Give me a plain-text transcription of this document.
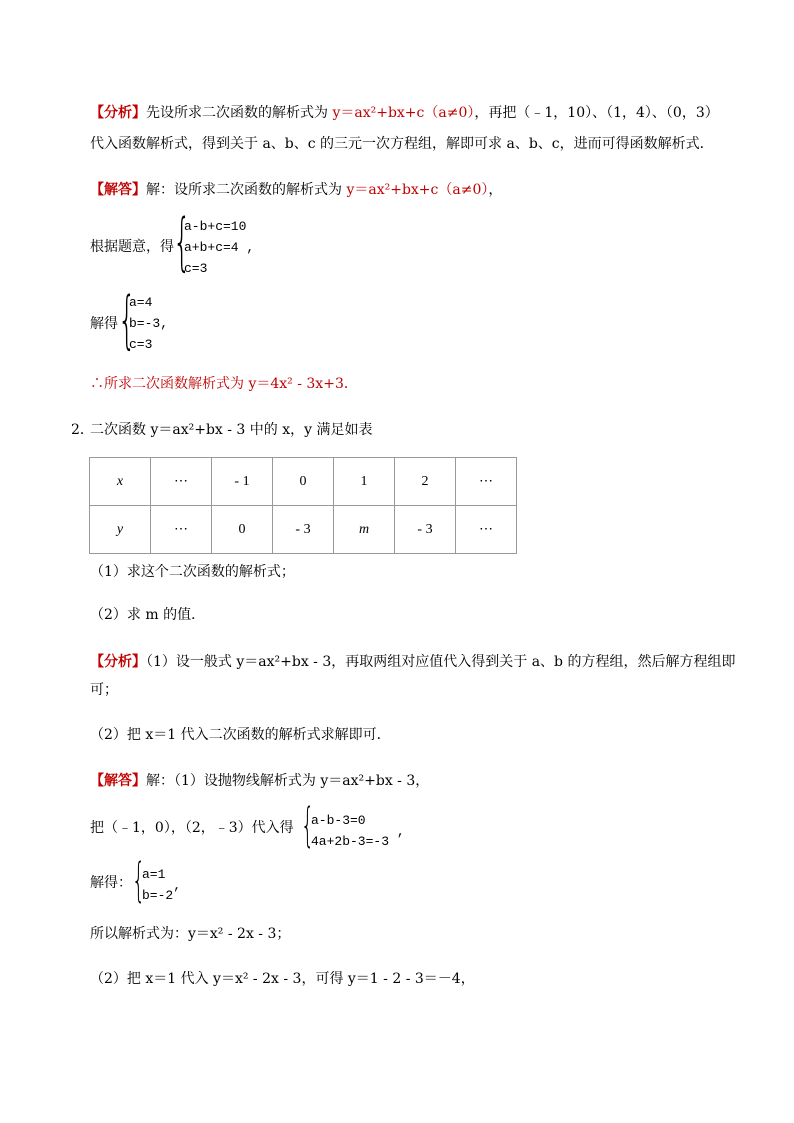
【分析】先设所求二次函数的解析式为 y＝ax²+bx+c（a≠0），再把（﹣1，10）、（1，4）、（0，3）
代入函数解析式，得到关于 a、b、c 的三元一次方程组，解即可求 a、b、c，进而可得函数解析式．
【解答】解：设所求二次函数的解析式为 y＝ax²+bx+c（a≠0），
根据题意，得 {
a-b+c=10
a+b+c=4 ,
c=3
解得 {
a=4
b=-3,
c=3
∴所求二次函数解析式为 y＝4x² - 3x+3．
2．
二次函数 y＝ax²+bx - 3 中的 x，y 满足如表
x	⋯	- 1	0	1	2	⋯
y	⋯	0	- 3	m	- 3	⋯
（1）求这个二次函数的解析式；
（2）求 m 的值．
【分析】（1）设一般式 y＝ax²+bx - 3，再取两组对应值代入得到关于 a、b 的方程组，然后解方程组即
可；
（2）把 x＝1 代入二次函数的解析式求解即可．
【解答】解：（1）设抛物线解析式为 y＝ax²+bx - 3，
把（﹣1，0），（2，﹣3）代入得 {
a-b-3=0
4a+2b-3=-3 ,
解得： {
a=1
b=-2,
所以解析式为：y＝x² - 2x - 3；
（2）把 x＝1 代入 y＝x² - 2x - 3，可得 y＝1 - 2 - 3＝－4，
